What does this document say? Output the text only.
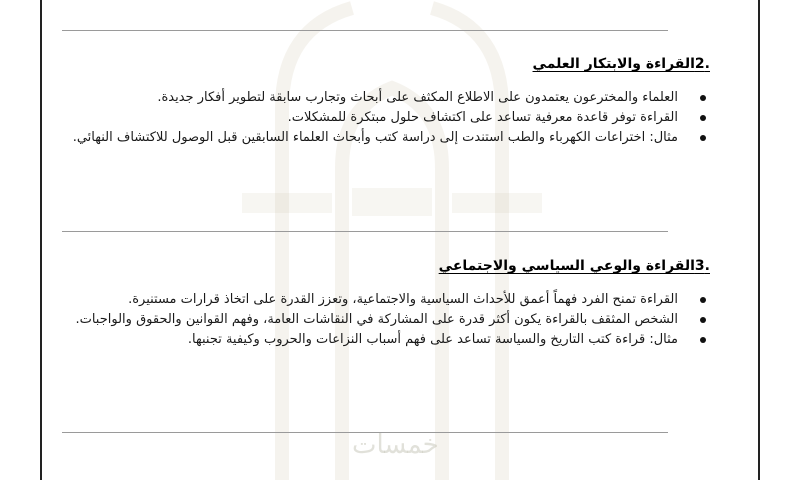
خمسات
.2القراءة والابتكار العلمي
العلماء والمخترعون يعتمدون على الاطلاع المكثف على أبحاث وتجارب سابقة لتطوير أفكار جديدة.
القراءة توفر قاعدة معرفية تساعد على اكتشاف حلول مبتكرة للمشكلات.
مثال: اختراعات الكهرباء والطب استندت إلى دراسة كتب وأبحاث العلماء السابقين قبل الوصول للاكتشاف النهائي.
.3القراءة والوعي السياسي والاجتماعي
القراءة تمنح الفرد فهماً أعمق للأحداث السياسية والاجتماعية، وتعزز القدرة على اتخاذ قرارات مستنيرة.
الشخص المثقف بالقراءة يكون أكثر قدرة على المشاركة في النقاشات العامة، وفهم القوانين والحقوق والواجبات.
مثال: قراءة كتب التاريخ والسياسة تساعد على فهم أسباب النزاعات والحروب وكيفية تجنبها.
